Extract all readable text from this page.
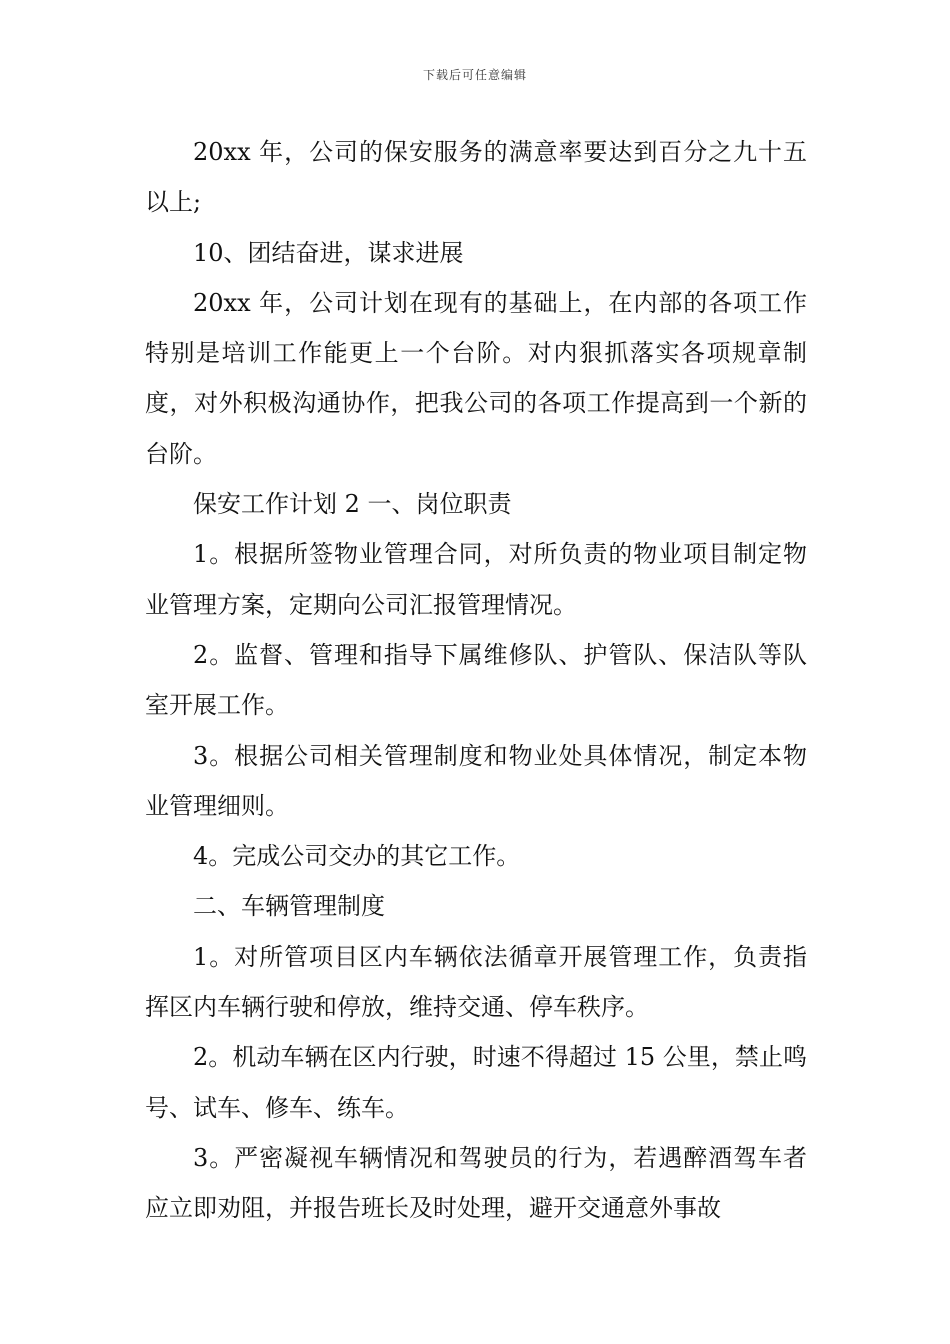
下载后可任意编辑

20xx 年，公司的保安服务的满意率要达到百分之九十五以上;

10、团结奋进，谋求进展

20xx 年，公司计划在现有的基础上，在内部的各项工作特别是培训工作能更上一个台阶。对内狠抓落实各项规章制度，对外积极沟通协作，把我公司的各项工作提高到一个新的台阶。

保安工作计划 2 一、岗位职责

1。根据所签物业管理合同，对所负责的物业项目制定物业管理方案，定期向公司汇报管理情况。

2。监督、管理和指导下属维修队、护管队、保洁队等队室开展工作。

3。根据公司相关管理制度和物业处具体情况，制定本物业管理细则。

4。完成公司交办的其它工作。

二、车辆管理制度

1。对所管项目区内车辆依法循章开展管理工作，负责指挥区内车辆行驶和停放，维持交通、停车秩序。

2。机动车辆在区内行驶，时速不得超过 15 公里，禁止鸣号、试车、修车、练车。

3。严密凝视车辆情况和驾驶员的行为，若遇醉酒驾车者应立即劝阻，并报告班长及时处理，避开交通意外事故
